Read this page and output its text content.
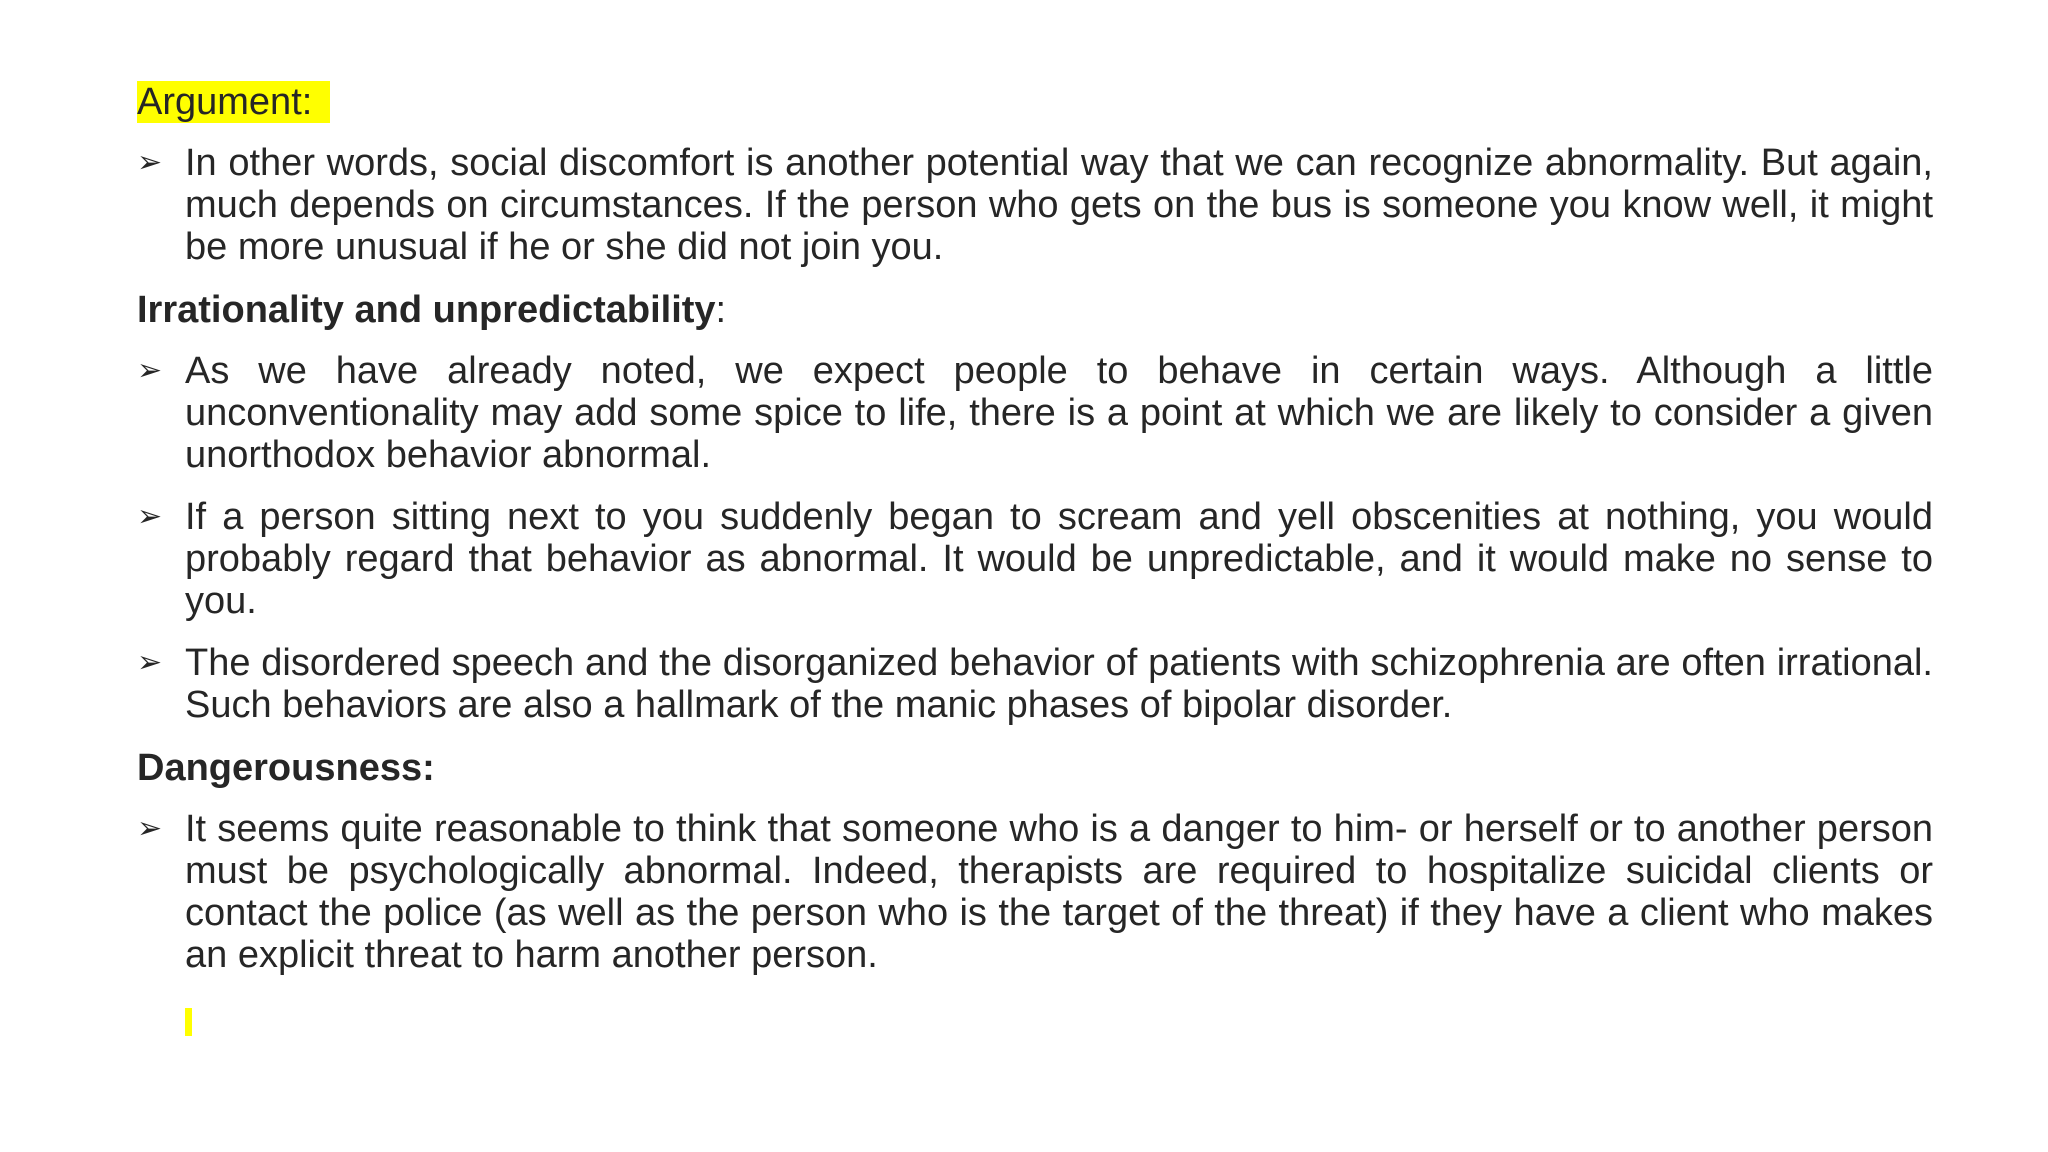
Argument:

➢ In other words, social discomfort is another potential way that we can recognize abnormality. But again, much depends on circumstances. If the person who gets on the bus is someone you know well, it might be more unusual if he or she did not join you.

Irrationality and unpredictability:

➢ As we have already noted, we expect people to behave in certain ways. Although a little unconventionality may add some spice to life, there is a point at which we are likely to consider a given unorthodox behavior abnormal.
➢ If a person sitting next to you suddenly began to scream and yell obscenities at nothing, you would probably regard that behavior as abnormal. It would be unpredictable, and it would make no sense to you.
➢ The disordered speech and the disorganized behavior of patients with schizophrenia are often irrational. Such behaviors are also a hallmark of the manic phases of bipolar disorder.

Dangerousness:

➢ It seems quite reasonable to think that someone who is a danger to him- or herself or to another person must be psychologically abnormal. Indeed, therapists are required to hospitalize suicidal clients or contact the police (as well as the person who is the target of the threat) if they have a client who makes an explicit threat to harm another person.
